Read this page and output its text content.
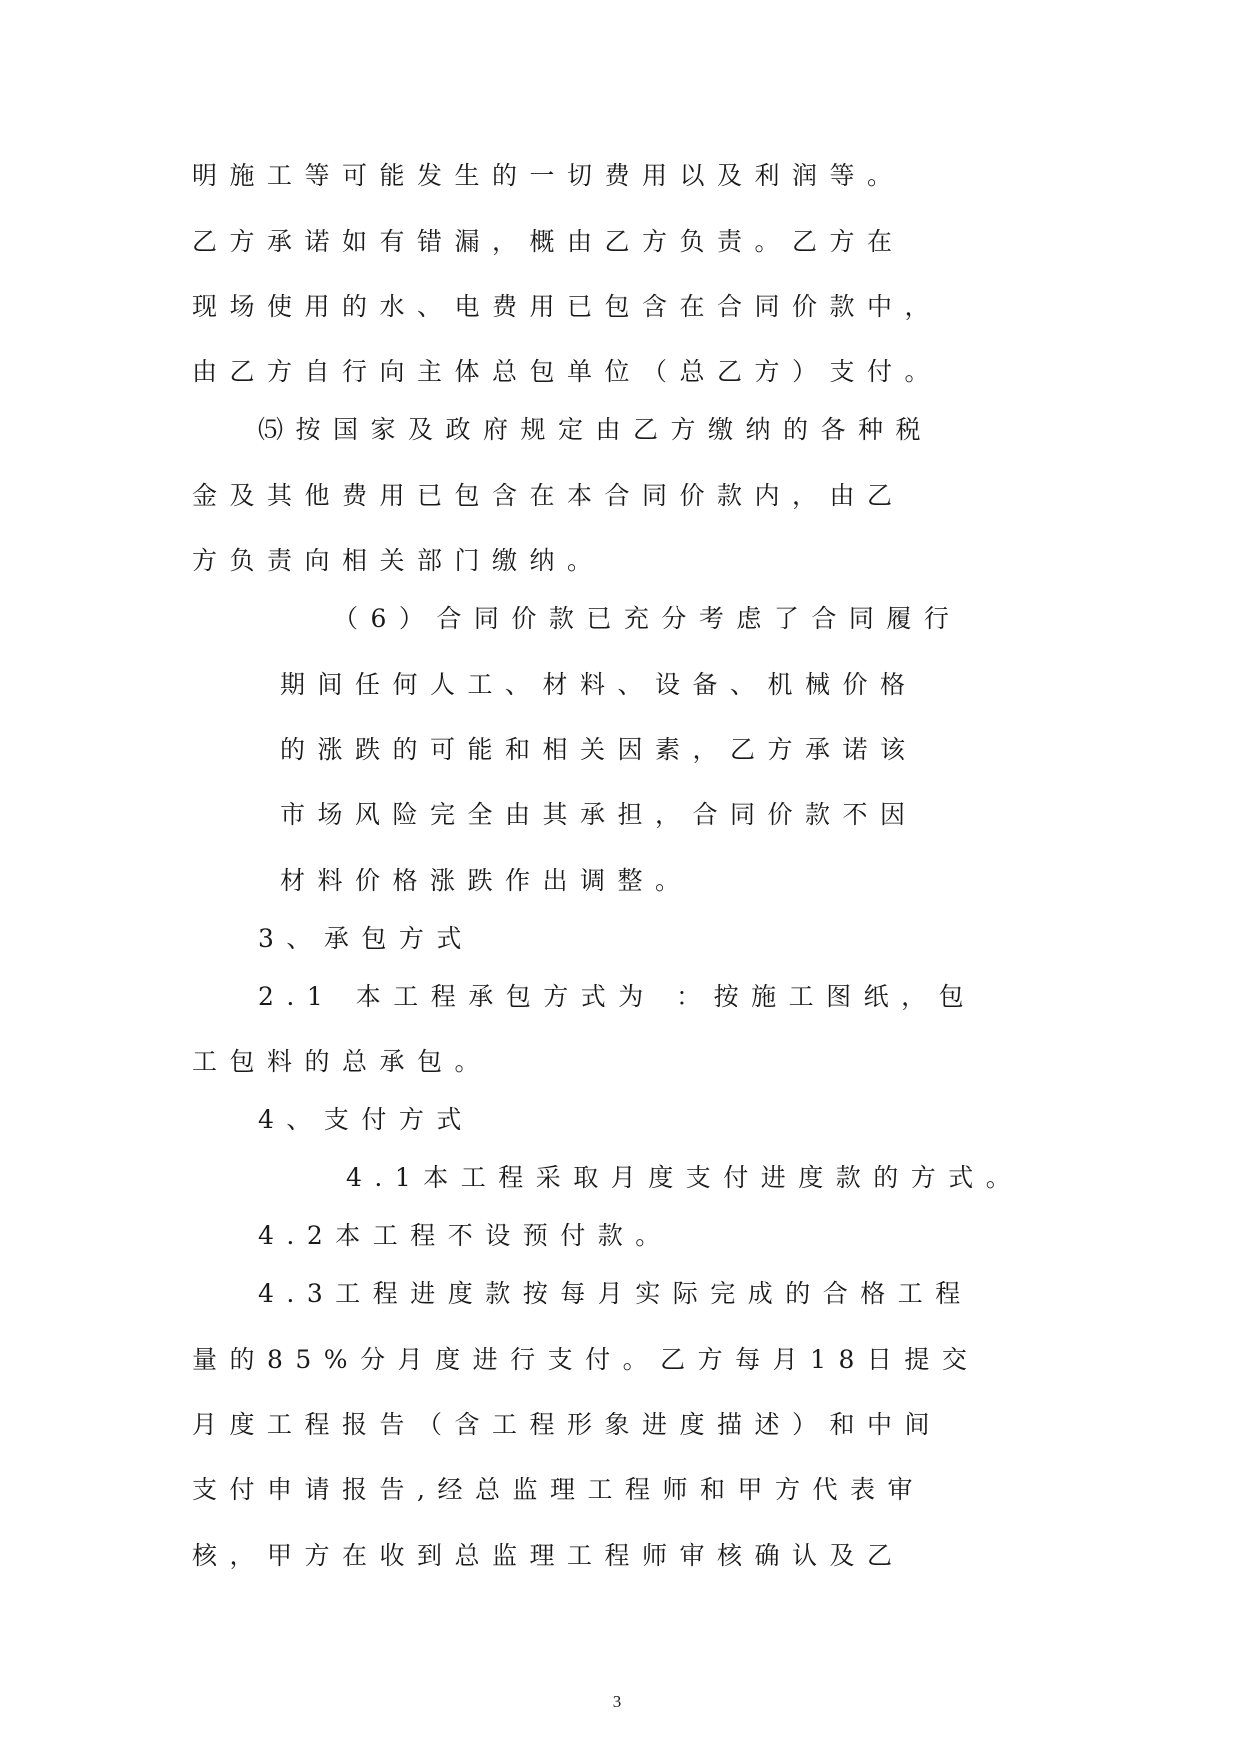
明施工等可能发生的一切费用以及利润等。
乙方承诺如有错漏，概由乙方负责。乙方在
现场使用的水、电费用已包含在合同价款中，
由乙方自行向主体总包单位（总乙方）支付。
⑸按国家及政府规定由乙方缴纳的各种税
金及其他费用已包含在本合同价款内，由乙
方负责向相关部门缴纳。
（6）合同价款已充分考虑了合同履行
期间任何人工、材料、设备、机械价格
的涨跌的可能和相关因素，乙方承诺该
市场风险完全由其承担，合同价款不因
材料价格涨跌作出调整。
3、承包方式
2.1 本工程承包方式为 ：按施工图纸，包
工包料的总承包。
4、支付方式
4.1本工程采取月度支付进度款的方式。
4.2本工程不设预付款。
4.3工程进度款按每月实际完成的合格工程
量的85%分月度进行支付。乙方每月18日提交
月度工程报告（含工程形象进度描述）和中间
支付申请报告,经总监理工程师和甲方代表审
核，甲方在收到总监理工程师审核确认及乙
3
